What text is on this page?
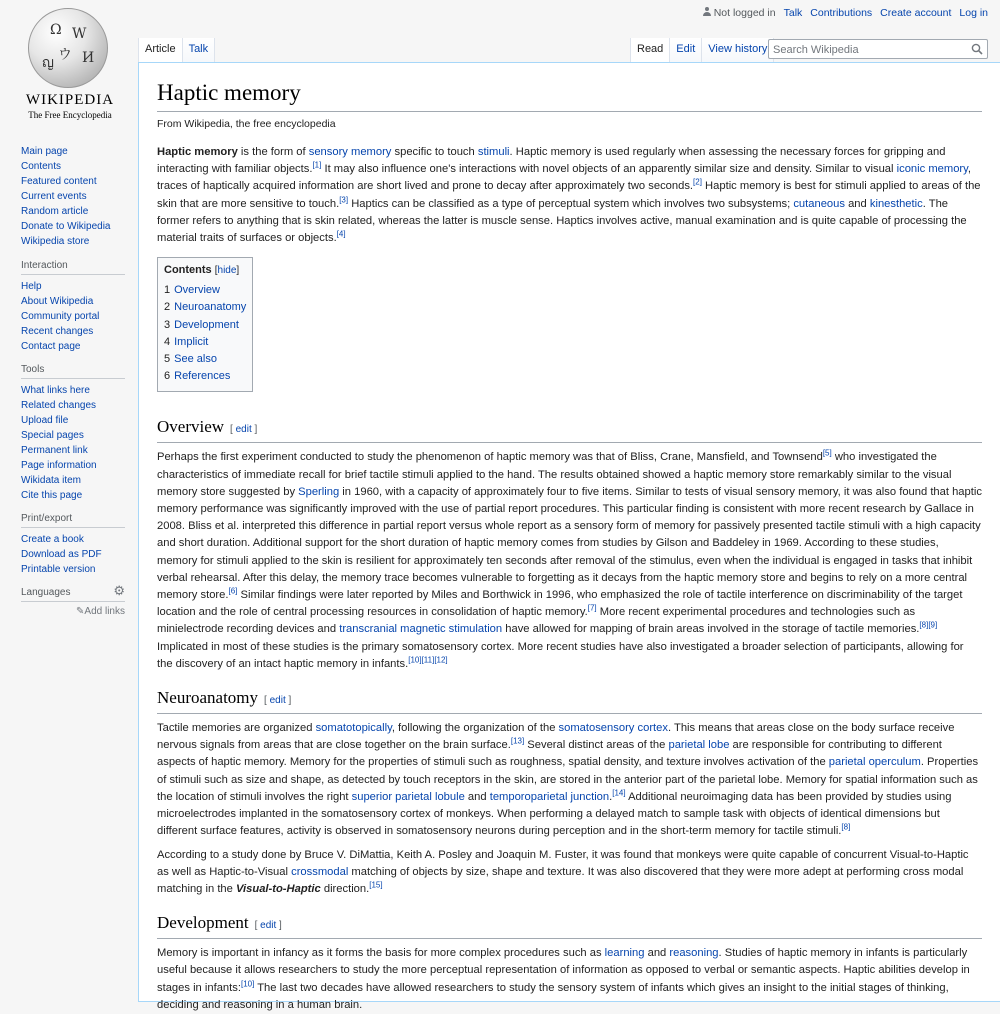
Ω W
ウ И
ญ
WIKIPEDIA
The Free Encyclopedia
Main page
Contents
Featured content
Current events
Random article
Donate to Wikipedia
Wikipedia store
Interaction
Help
About Wikipedia
Community portal
Recent changes
Contact page
Tools
What links here
Related changes
Upload file
Special pages
Permanent link
Page information
Wikidata item
Cite this page
Print/export
Create a book
Download as PDF
Printable version
Languages	⚙
✎Add links
Not logged in Talk Contributions Create account Log in
Article	Talk	Read	Edit	View history
Search Wikipedia
Haptic memory
From Wikipedia, the free encyclopedia

Haptic memory is the form of sensory memory specific to touch stimuli. Haptic memory is used regularly when assessing the necessary forces for gripping and interacting with familiar objects.[1] It may also influence one's interactions with novel objects of an apparently similar size and density. Similar to visual iconic memory, traces of haptically acquired information are short lived and prone to decay after approximately two seconds.[2] Haptic memory is best for stimuli applied to areas of the skin that are more sensitive to touch.[3] Haptics can be classified as a type of perceptual system which involves two subsystems; cutaneous and kinesthetic. The former refers to anything that is skin related, whereas the latter is muscle sense. Haptics involves active, manual examination and is quite capable of processing the material traits of surfaces or objects.[4]

Contents [hide]
1 Overview
2 Neuroanatomy
3 Development
4 Implicit
5 See also
6 References
Overview [ edit ]

Perhaps the first experiment conducted to study the phenomenon of haptic memory was that of Bliss, Crane, Mansfield, and Townsend[5] who investigated the characteristics of immediate recall for brief tactile stimuli applied to the hand. The results obtained showed a haptic memory store remarkably similar to the visual memory store suggested by Sperling in 1960, with a capacity of approximately four to five items. Similar to tests of visual sensory memory, it was also found that haptic memory performance was significantly improved with the use of partial report procedures. This particular finding is consistent with more recent research by Gallace in 2008. Bliss et al. interpreted this difference in partial report versus whole report as a sensory form of memory for passively presented tactile stimuli with a high capacity and short duration. Additional support for the short duration of haptic memory comes from studies by Gilson and Baddeley in 1969. According to these studies, memory for stimuli applied to the skin is resilient for approximately ten seconds after removal of the stimulus, even when the individual is engaged in tasks that inhibit verbal rehearsal. After this delay, the memory trace becomes vulnerable to forgetting as it decays from the haptic memory store and begins to rely on a more central memory store.[6] Similar findings were later reported by Miles and Borthwick in 1996, who emphasized the role of tactile interference on discriminability of the target location and the role of central processing resources in consolidation of haptic memory.[7] More recent experimental procedures and technologies such as minielectrode recording devices and transcranial magnetic stimulation have allowed for mapping of brain areas involved in the storage of tactile memories.[8][9] Implicated in most of these studies is the primary somatosensory cortex. More recent studies have also investigated a broader selection of participants, allowing for the discovery of an intact haptic memory in infants.[10][11][12]

Neuroanatomy [ edit ]

Tactile memories are organized somatotopically, following the organization of the somatosensory cortex. This means that areas close on the body surface receive nervous signals from areas that are close together on the brain surface.[13] Several distinct areas of the parietal lobe are responsible for contributing to different aspects of haptic memory. Memory for the properties of stimuli such as roughness, spatial density, and texture involves activation of the parietal operculum. Properties of stimuli such as size and shape, as detected by touch receptors in the skin, are stored in the anterior part of the parietal lobe. Memory for spatial information such as the location of stimuli involves the right superior parietal lobule and temporoparietal junction.[14] Additional neuroimaging data has been provided by studies using microelectrodes implanted in the somatosensory cortex of monkeys. When performing a delayed match to sample task with objects of identical dimensions but different surface features, activity is observed in somatosensory neurons during perception and in the short-term memory for tactile stimuli.[8]

According to a study done by Bruce V. DiMattia, Keith A. Posley and Joaquin M. Fuster, it was found that monkeys were quite capable of concurrent Visual-to-Haptic as well as Haptic-to-Visual crossmodal matching of objects by size, shape and texture. It was also discovered that they were more adept at performing cross modal matching in the Visual-to-Haptic direction.[15]

Development [ edit ]

Memory is important in infancy as it forms the basis for more complex procedures such as learning and reasoning. Studies of haptic memory in infants is particularly useful because it allows researchers to study the more perceptual representation of information as opposed to verbal or semantic aspects. Haptic abilities develop in stages in infants:[10] The last two decades have allowed researchers to study the sensory system of infants which gives an insight to the initial stages of thinking, deciding and reasoning in a human brain.
